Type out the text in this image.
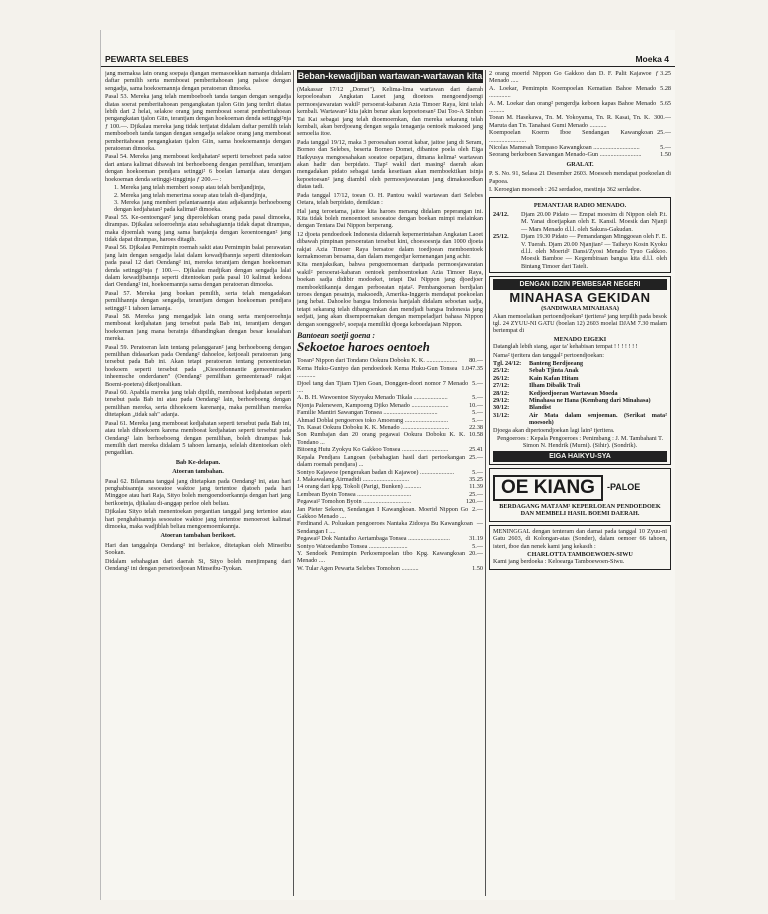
PEWARTA SELEBES	Moeka 4

jang memaksa lain orang soepaja djangan memasoekkan namanja didalam daftar pemilih serta memboeat pemberitahoean jang palsoe dengan sengadja, sama hoekoemannja dengan peratoeran dimoeka.

Pasal 53. Mereka jang telah memboeboeh tanda tangan dengan sengadja diatas soerat pemberitahoean pengangkatan tjalon Giin jang terdiri diatas lebih dari 2 helai, selakoe orang jang memboeat soerat pemberitahoean pengangkatan tjalon Giin, terantjam dengan hoekoeman denda setinggi²nja ƒ 100.—. Djikalau mereka jang tidak tertjatat didalam daftar pemilih telah memboeboeh tanda tangan dengan sengadja selakoe orang jang memboeat pemberitahoean pengangkatan tjalon Giin, sama hoekoemannja dengan peratoeran dimoeka.

Pasal 54. Mereka jang memboeat kedjahatan² seperti terseboet pada satoe dari antara kalimat dibawah ini berhoeboeng dengan pemilihan, terantjam dengan hoekoeman pendjara setinggi² 6 boelan lamanja atau dengan hoekoeman denda setinggi-tingginja ƒ 200.— :

1. Mereka jang telah memberi soeap atau telah berdjandjinja,
2. Mereka jang telah menerima soeap atau telah di-djandjinja,
3. Mereka jang memberi pelantaraannja atau adjakannja berhoeboeng dengan kedjahatan² pada kalimat² dimoeka.

Pasal 55. Ke-oentoengan² jang diperolehkan orang pada pasal dimoeka, dirampas. Djikalau seloeroehnja atau sebahagiannja tidak dapat dirampas, maka djoemlah wang jang sama banjaknja dengan keoentoengan² jang tidak dapat dirampas, haroes ditagih.

Pasal 56. Djikalau Pemimpin roemah sakit atau Pemimpin balai perawatan jang lain dengan sengadja lalai dalam kewadjibannja seperti ditentoekan pada pasal 12 dari Oendang² ini, mereka terantjam dengan hoekoeman denda setinggi²nja ƒ 100.—. Djikalau madjikan dengan sengadja lalai dalam kewadjibannja seperti ditentoekan pada pasal 10 kalimat kedoea dari Oendang² ini, hoekoemannja sama dengan peratoeran dimoeka.

Pasal 57. Mereka jang boekan pemilih, serta telah mengadakan pemilihannja dengan sengadja, terantjam dengan hoekoeman pendjara setinggi² 1 tahoen lamanja.

Pasal 58. Mereka jang mengadjak lain orang serta menjoeroehnja memboeat kedjahatan jang tersebut pada Bab ini, terantjam dengan hoekoeman jang mana beratnja dibandingkan dengan besar kesalahan mereka.

Pasal 59. Peratoeran lain tentang pelanggaran² jang berhoeboeng dengan pemilihan didasarkan pada Oendang² dahoeloe, ketjoeali peratoeran jang tersebut pada Bab ini. Akan tetapi peratoeran tentang penoentoetan hoekoem seperti tersebut pada „Kiesordonnantie gemeenteraden inheemsche onderdanen" (Oendang² pemilihan gemeenteraad² rakjat Boemi-poetera) diketjoealikan.

Pasal 60. Apabila mereka jang telah dipilih, memboeat kedjahatan seperti tersebut pada Bab ini atau pada Oendang² lain, berhoeboeng dengan pemilihan mereka, serta dihoekoem karenanja, maka pemilihan mereka ditetapkan „tidak sah" adanja.

Pasal 61. Mereka jang memboeat kedjahatan seperti tersebut pada Bab ini, atau telah dihoekoem karena memboeat kedjahatan seperti tersebut pada Oendang² lain berhoeboeng dengan pemilihan, boleh dirampas hak memilih dari mereka didalam 5 tahoen lamanja, selelah ditentoekan oleh pengadilan.

Bab Ke-delapan.
Atoeran tambahan.

Pasal 62. Bilamana tanggal jang ditetapkan pada Oendang² ini, atau hari penghabisannja sesoeatoe waktoe jang tertentoe djatoeh pada hari Minggoe atau hari Raja, Sityo boleh mengoendoerkannja dengan hari jang berikoetnja, djikalau di-anggap perloe oleh beliau.

Djikalau Sityo telah menentoekan pergantian tanggal jang tertentoe atau hari penghabisannja sesoeatoe waktoe jang tertentoe menoeroet kalimat dimoeka, maka wadjiblah beliau mengoemoemkannja.

Atoeran tambahan berikoet.

Hari dan tanggalnja Oendang² ini berlakoe, ditetapkan oleh Minseibu Sookan.

Didalam sebahagian dari daerah Si, Sityo boleh menjimpang dari Oendang² ini dengan persetoedjoean Minseibu-Tyokan.

Beban-kewadjiban wartawan-wartawan kita

(Makassar 17/12 „Domei"). Kelima-lima wartawan dari daerah kepoeloeaban Angkatan Laoet jang dioetoes mengoendjoengi permoesjawaratan wakil² persoerat-kabaran Azia Timoer Raya, kini telah kembali. Wartawan² kita jakin benar akan kepoetoesan² Dai Too-A Sinbun Tai Kai sebagai jang telah dioemoemkan, dan mereka sekarang telah kembali, akan berdjoeang dengan segala tenaganja oentoek maksoed jang semoelia itoe.

Pada tanggal 19/12, maka 3 peroesahan soerat kabar, jaitoe jang di Seram, Borneo dan Selebes, beserta Borneo Domei, dibantoe poela oleh Eiga Haikyusya mengoesahakan soeatoe oepatjara, dimana kelima² wartawan akan hadir dan berpidato. Tiap² wakil dari masing² daerah akan mengadakan pidato sebagai tanda kesetiaan akan memboektikan isinja kepoetoesan² jang diambil oleh permoesjawaratan jang dimaksoedkan diatas tadi.

Pada tanggal 17/12, toean O. H. Pantou wakil wartawan dari Selebes Oetara, telah berpidato, demikian :

Hal jang teroetama, jaitoe kita haroes menang didalam peperangan ini. Kita tidak boleh menoentoet sesoeatoe dengan boekan mimpi melainkan dengan Tentara Dai Nippon berperang.

12 djoeta pendoedoek Indonesia didaerah kepemerintahan Angkatan Laoet dibawah pimpinan persoeratan tersebut kini, choesoesnja dan 1000 djoeta rakjat Azia Timoer Raya bersatoe dalam toedjoean memboentoek kemakmoeran bersama, dan dalam mengedjar kemenangan jang achir.

Kita menjaksikan, bahwa pengoemoeman daripada permoesjawaratan wakil² persoerat-kabaran oentoek pemboentoekan Azia Timoer Raya, boekan sadja didibir modoeket, tetapi Dai Nippon jang djoedjoer memboektikannja dengan perboeatan njata². Pembangoenan berdjalan teroes dengan pesatnja, maksoedh, Amerika-Inggeris mendapat poekoelan jang hebat. Dahoeloe bangsa Indonesia hanjalah didalam seboetan sadja, tetapi sekarang telah dibangoenkan dan mendjadi bangsa Indonesia jang sedjati, jang akan disempoernakan dengan mempeladjari bahasa Nippon dengan soenggoeh², soepaja memiliki djoega keboedajaan Nippon.

Bantoean soetji goena :
Sekoetoe haroes oentoeh
Toean² Nippon dari Tondano Ookura Doboku K. K. ....................	80.—
Kema Huku-Guntyo dan pendoedoek Kema Huku-Gun Tonsea ............
1.047.35
Djoel tang dan Tjiam Tjien Goan, Donggen-doori nomor 7 Menado ....
5.—
A. B. H. Wawoentoe Siyoyaku Menado Tikala ......................	5.—
Njonja Palenewen, Kampoeng Djiko Menado ........................	10.—
Familie Mantiri Sawangan Tonsea ...................................	5.—
Ahmad Doblai pengoeroes toko Amoerang ............................	5.—
Tn. Kasat Ookura Doboku K. K. Menado ...............................	22.38
Son Rumbajan dan 20 orang pegawai Ookura Doboku K. K. Tondano ...
10.58
Bitoeng Hutu Zyokyu Ko Gakkoo Tonsea ..............................	25.41
Kepala Pendjara Langoan (sebahagian hasil dari pertoekangan dalam roemah pendjara) ...
25.—
Sontyo Kajawoe (pengerakan badan di Kajawoe) ......................	5.—
J. Makawalang Airmadidi ..............................	35.25
14 orang dari kpg. Tokoli (Parigi, Bunken) ...........	11.39
Lembean Byoin Tonsea ...................................	25.—
Pegawai² Tomohon Byoin ...............................	120.—
Jan Pieter Sekeon, Sendangan I Kawangkoan. Moerid Nippon Go Gakkoo Menado ....
2.—
Ferdinand A. Poluakan pengoeroes Nantaka Zidosya Bu Kawangkoan Sendangan I ....
—
Pegawai² Dok Nantaiho Aertambaga Tonsea ...........................	31.19
Sontyo Watoedambo Tonsea .........................	5.—
Y. Sendoek Pemimpin Perkoempoelan tibo Kpg. Kawangkoan Menado ....
20.—
W. Tular Agen Pewarta Selebes Tomohon ...........	1.50
2 orang moerid Nippon Go Gakkoo dan D. F. Palit Kajawoe Menado .....
ƒ 3.25
A. Loekar, Pemimpin Koempoelan Kematian Bahoe Menado ..............
5.28
A. M. Loekar dan orang² pengerdja keboen kapas Bahoe Menado ..........
5.65
Toean M. Hasekawa, Tn. M. Yokoyama, Tn. R. Kasai, Tn. K. Maruta dan Tn. Tanahasi Gumi Menado ...........
300.—
Koempoelan Koerm Iboe Sendangan Kawangkoan ........................
25.—
Nicolas Mamesah Tompaso Kawangkoan ..............................	5.—
Seorang berkeboen Sawangan Menado-Gun ...........................	1.50
GRALAT.

P. S. No. 91, Selasa 21 Desember 2603. Moesoeh mendapat poekoelan di Papoea.

I. Keroegian moesoeh : 262 serdadoe, mestinja 362 serdadoe.

PEMANTJAR RADIO MENADO.
24/12.	Djam 20.00 Pidato — Empat moesim di Nippon oleh P.t. M. Yanai dioetjapkan oleh E. Kansil. Moesik dan Njanji — Mars Menado d.l.l. oleh Sakura-Gakudan.
25/12.	Djam 19.30 Pidato — Pemandangan Minggoean oleh F. E. V. Tuerah. Djam 20.00 Njanjian² — Taiheyo Kosin Kyoku d.l.l. oleh Moerid² Dansi/Zyosi Menado Tyuo Gakkoo. Moesik Bamboe — Kegembiraan bangsa kita d.l.l. oleh Bintang Timoer dari Tateli.
DENGAN IDZIN PEMBESAR NEGERI
MINAHASA GEKIDAN
(SANDIWARA MINAHASA)

Akan memoelaikan pertoendjoekan² tjeritera² jang terpilih pada besok tgl. 24 ZYUU-NI GATU (boelan 12) 2603 moelai DJAM 7.30 malam bertempat di

MENADO EIGEKI

Datanglah lebih siang, agar ta' kehabisan tempat ! ! ! ! ! ! !

Nama² tjeritera dan tanggal² pertoendjoekan:

Tgl. 24/12:	Banteng Berdjoeang
25/12:	Sebab Tjinta Anak
26/12:	Kain Kafan Hitam
27/12:	Ilham Dibalik Trali
28/12:	Kedjoedjoeran Wartawan Moeda
29/12:	Minahasa ne Hana (Kembang dari Minahasa)
30/12:	Blandist
31/12:	Air Mata dalam senjoeman. (Serikat mata² moesoeh)

Djoega akan dipertoendjoekan lagi lain² tjeritera.

Pengoeroes : Kepala Pengoeroes : Penimbang : J. M. Tambahani T. Simon N. Hendrik (Murni). (Sihir). (Sondrik).

EIGA HAIKYU-SYA
OE KIANG	-PALOE

BERDAGANG MATJAM² KEPERLOEAN PENDOEDOEK DAN MEMBELI HASIL BOEMI DAERAH.

MENINGGAL dengan tenteram dan damai pada tanggal 10 Zyuu-ni Gatu 2603, di Kolongan-atas (Sonder), dalam oemoer 66 tahoen, isteri, iboe dan nenek kami jang kekasih :

CHARLOTTA TAMBOEWOEN-SIWU

Kami jang berdoeka : Keloearga Tamboewoen-Siwu.
